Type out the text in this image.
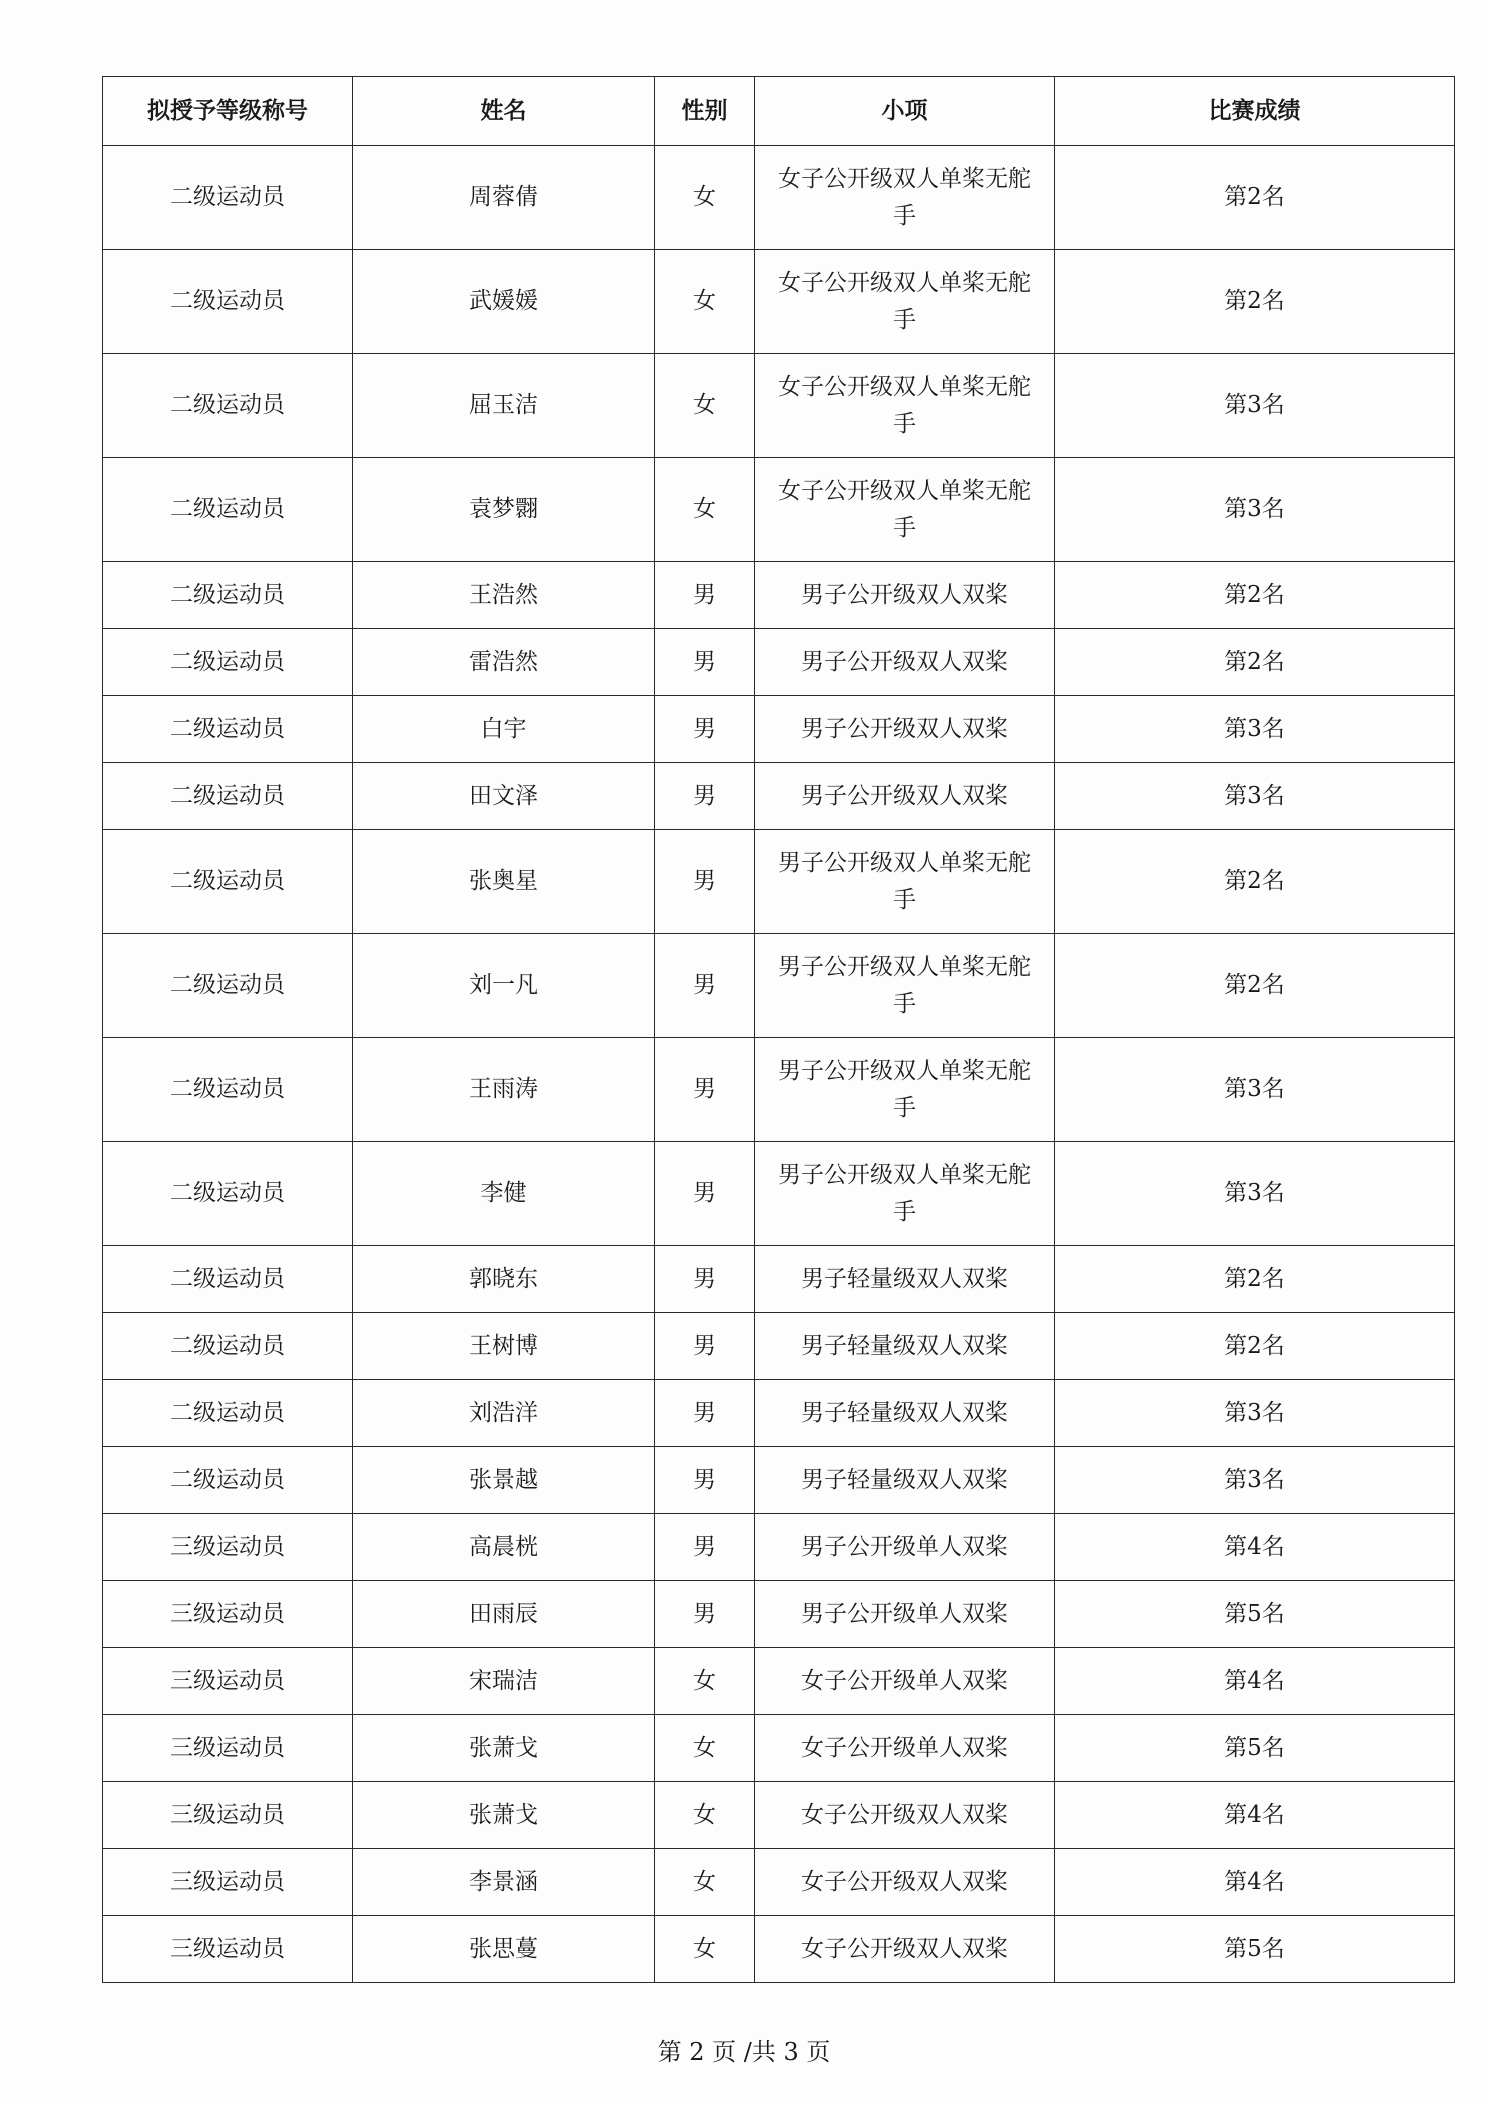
拟授予等级称号	姓名	性别	小项	比赛成绩
二级运动员	周蓉倩	女	女子公开级双人单桨无舵手	第2名
二级运动员	武媛媛	女	女子公开级双人单桨无舵手	第2名
二级运动员	屈玉洁	女	女子公开级双人单桨无舵手	第3名
二级运动员	袁梦翾	女	女子公开级双人单桨无舵手	第3名
二级运动员	王浩然	男	男子公开级双人双桨	第2名
二级运动员	雷浩然	男	男子公开级双人双桨	第2名
二级运动员	白宇	男	男子公开级双人双桨	第3名
二级运动员	田文泽	男	男子公开级双人双桨	第3名
二级运动员	张奥星	男	男子公开级双人单桨无舵手	第2名
二级运动员	刘一凡	男	男子公开级双人单桨无舵手	第2名
二级运动员	王雨涛	男	男子公开级双人单桨无舵手	第3名
二级运动员	李健	男	男子公开级双人单桨无舵手	第3名
二级运动员	郭晓东	男	男子轻量级双人双桨	第2名
二级运动员	王树博	男	男子轻量级双人双桨	第2名
二级运动员	刘浩洋	男	男子轻量级双人双桨	第3名
二级运动员	张景越	男	男子轻量级双人双桨	第3名
三级运动员	高晨桄	男	男子公开级单人双桨	第4名
三级运动员	田雨辰	男	男子公开级单人双桨	第5名
三级运动员	宋瑞洁	女	女子公开级单人双桨	第4名
三级运动员	张萧戈	女	女子公开级单人双桨	第5名
三级运动员	张萧戈	女	女子公开级双人双桨	第4名
三级运动员	李景涵	女	女子公开级双人双桨	第4名
三级运动员	张思蔓	女	女子公开级双人双桨	第5名
第 2 页 /共 3 页
